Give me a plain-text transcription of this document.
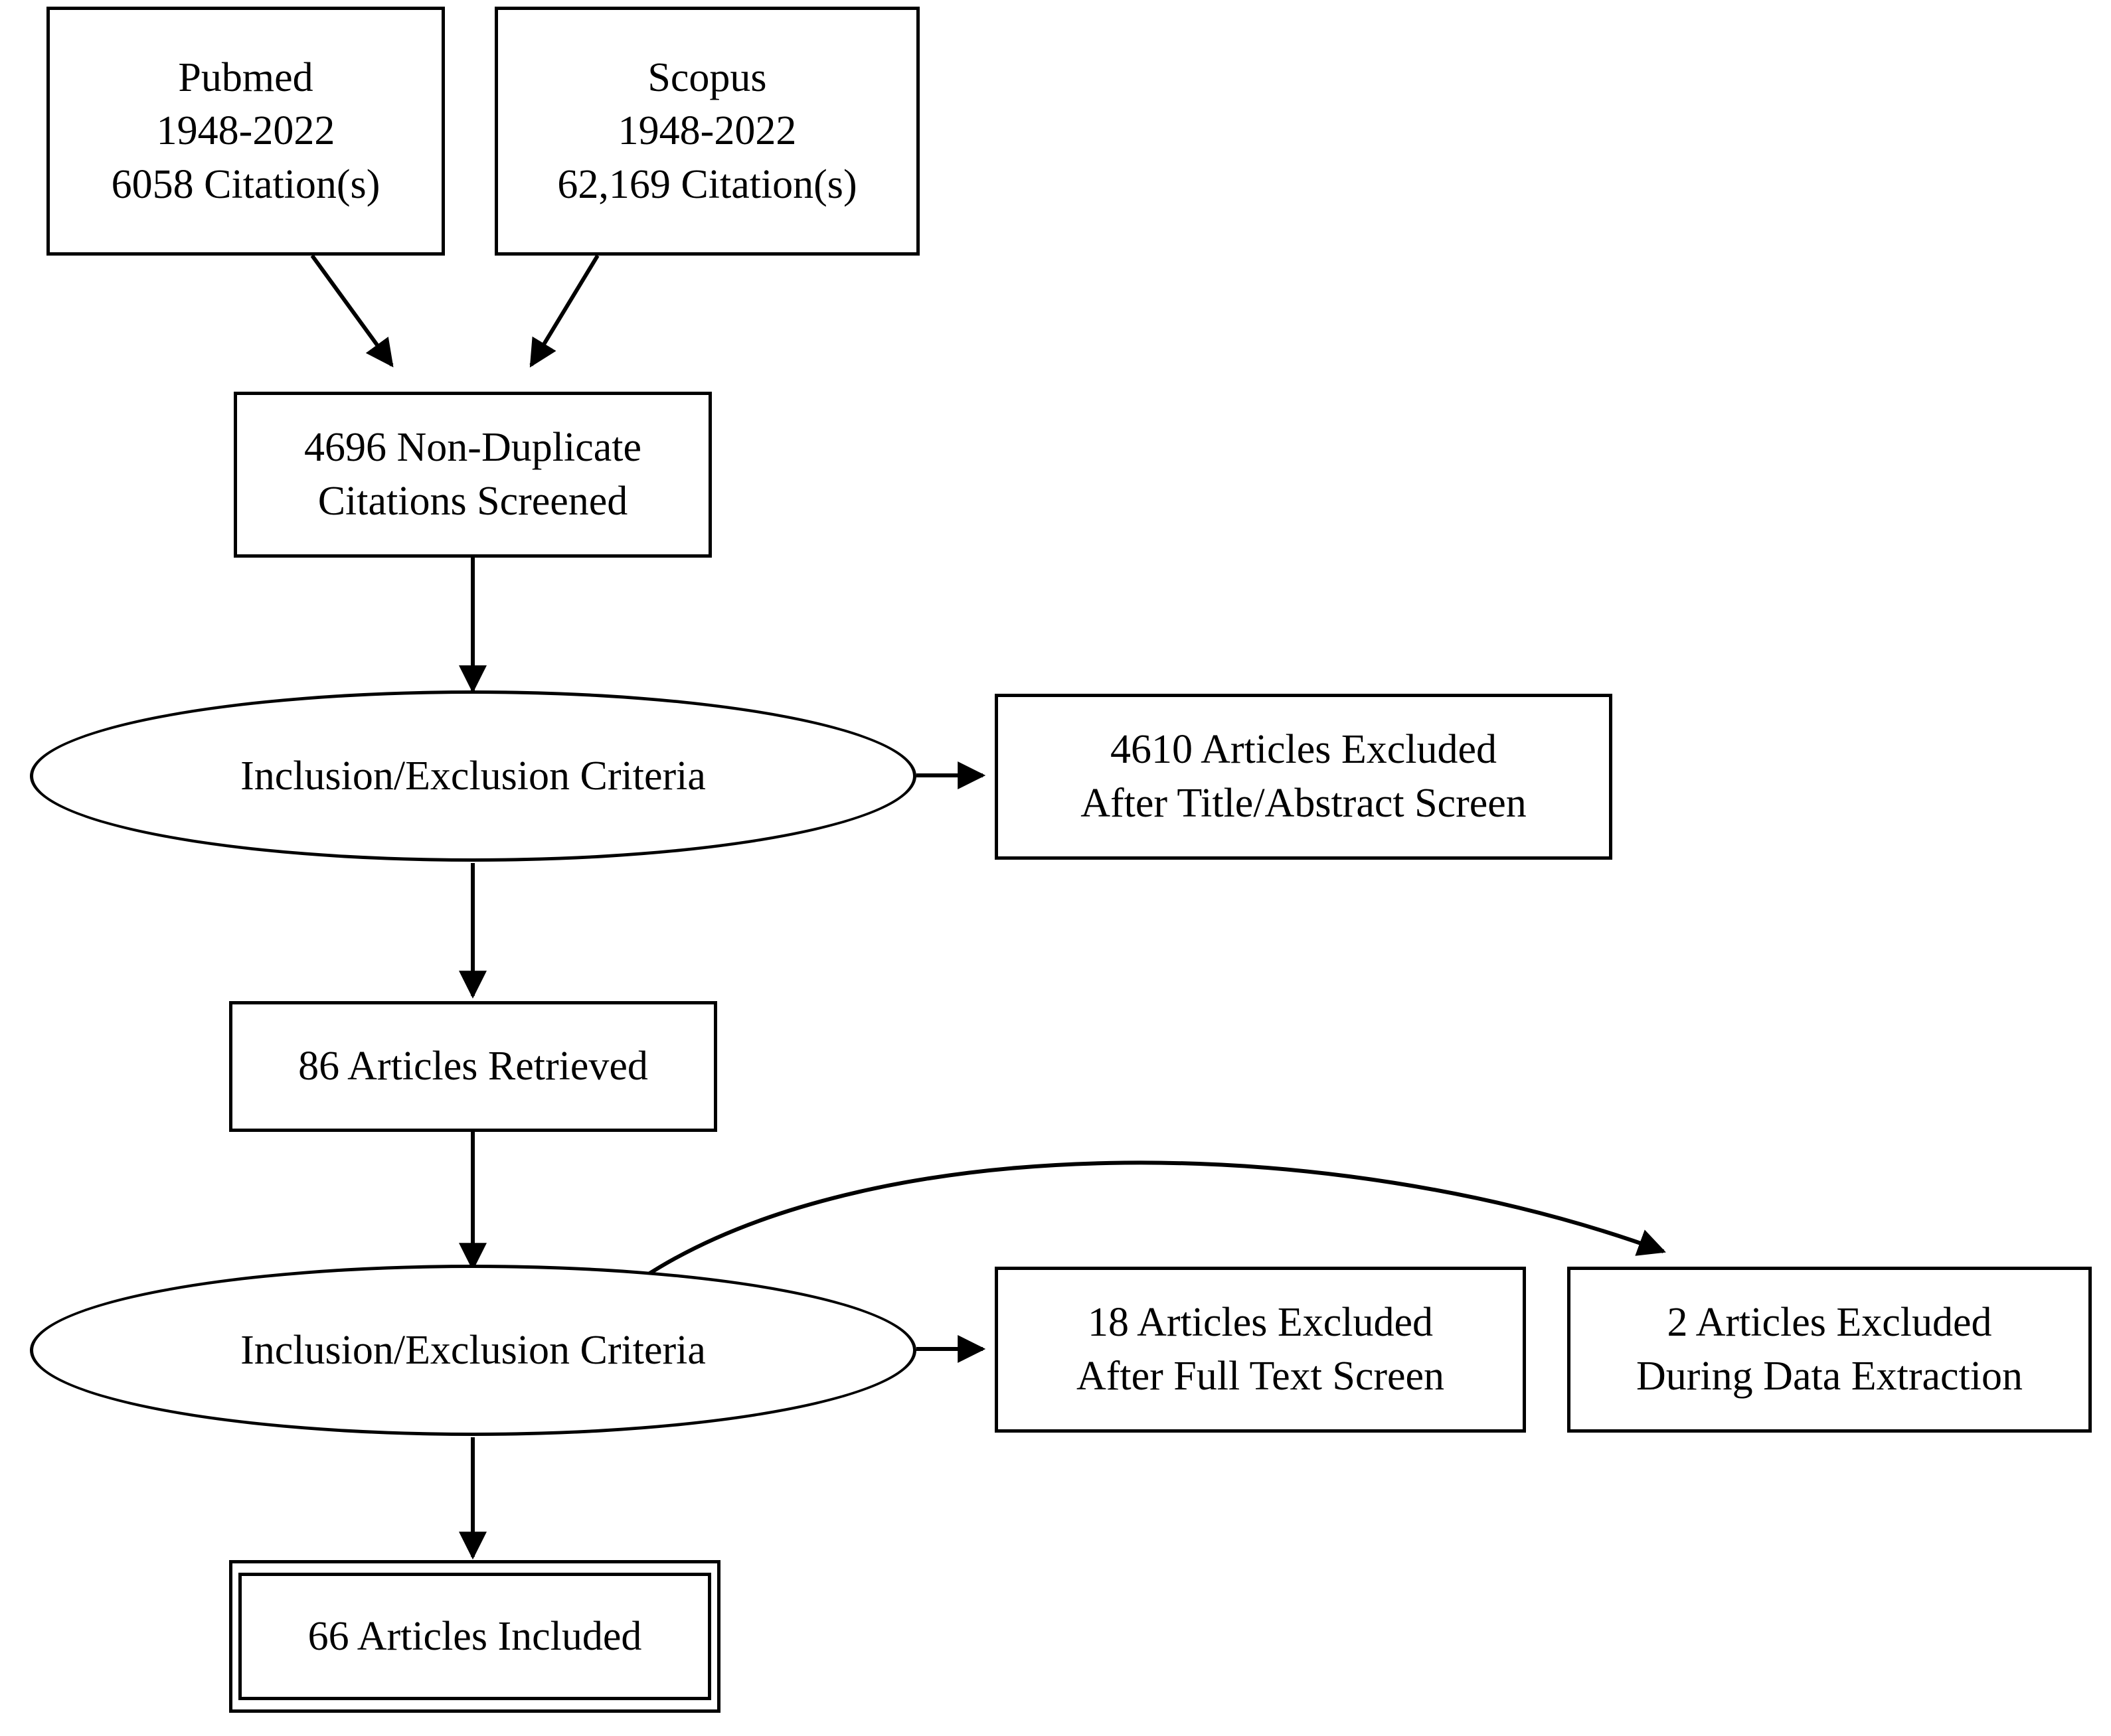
Pubmed
1948-2022
6058 Citation(s)
Scopus
1948-2022
62,169 Citation(s)
4696 Non-Duplicate
Citations Screened
Inclusion/Exclusion Criteria
4610 Articles Excluded
After Title/Abstract Screen
86 Articles Retrieved
Inclusion/Exclusion Criteria
18 Articles Excluded
After Full Text Screen
2 Articles Excluded
During Data Extraction
66 Articles Included
